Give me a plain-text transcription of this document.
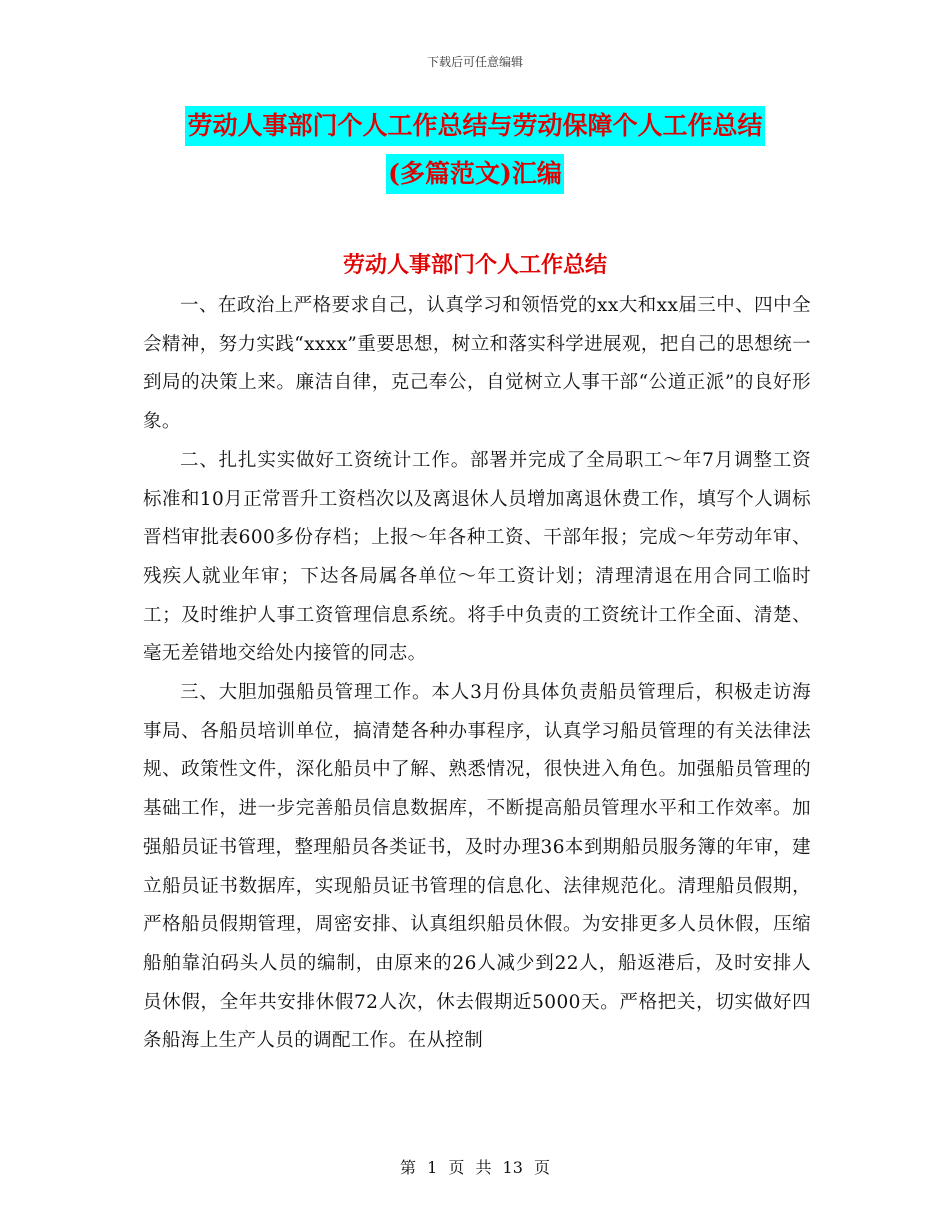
下载后可任意编辑
劳动人事部门个人工作总结与劳动保障个人工作总结
(多篇范文)汇编
劳动人事部门个人工作总结

一、在政治上严格要求自己，认真学习和领悟党的xx大和xx届三中、四中全会精神，努力实践“xxxx”重要思想，树立和落实科学进展观，把自己的思想统一到局的决策上来。廉洁自律，克己奉公，自觉树立人事干部“公道正派”的良好形象。

二、扎扎实实做好工资统计工作。部署并完成了全局职工～年7月调整工资标准和10月正常晋升工资档次以及离退休人员增加离退休费工作，填写个人调标晋档审批表600多份存档；上报～年各种工资、干部年报；完成～年劳动年审、残疾人就业年审；下达各局属各单位～年工资计划；清理清退在用合同工临时工；及时维护人事工资管理信息系统。将手中负责的工资统计工作全面、清楚、毫无差错地交给处内接管的同志。

三、大胆加强船员管理工作。本人3月份具体负责船员管理后，积极走访海事局、各船员培训单位，搞清楚各种办事程序，认真学习船员管理的有关法律法规、政策性文件，深化船员中了解、熟悉情况，很快进入角色。加强船员管理的基础工作，进一步完善船员信息数据库，不断提高船员管理水平和工作效率。加强船员证书管理，整理船员各类证书，及时办理36本到期船员服务簿的年审，建立船员证书数据库，实现船员证书管理的信息化、法律规范化。清理船员假期，严格船员假期管理，周密安排、认真组织船员休假。为安排更多人员休假，压缩船舶靠泊码头人员的编制，由原来的26人减少到22人，船返港后，及时安排人员休假，全年共安排休假72人次，休去假期近5000天。严格把关，切实做好四条船海上生产人员的调配工作。在从控制

第 1 页 共 13 页
